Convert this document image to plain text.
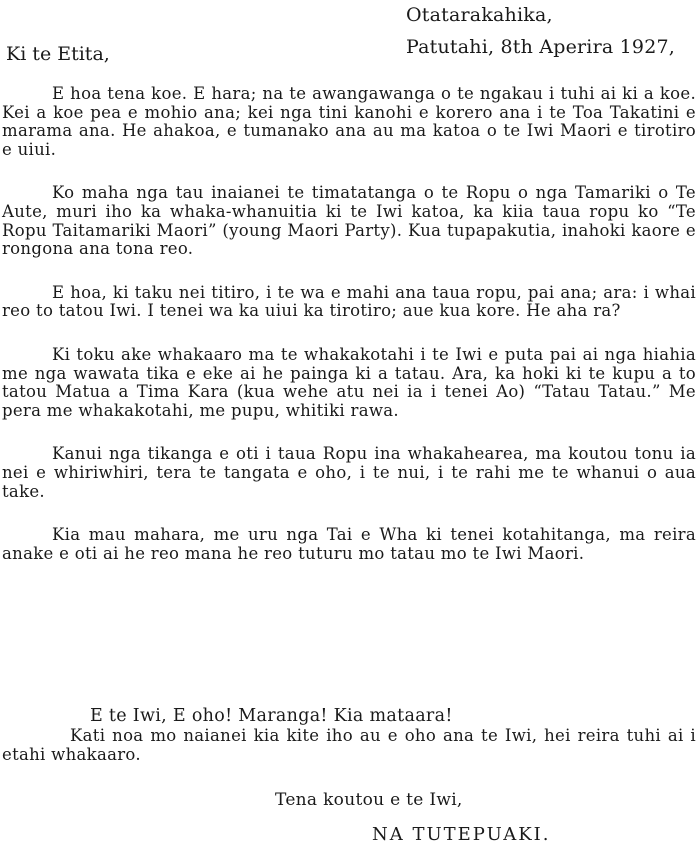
Otatarakahika,
Patutahi, 8th Aperira 1927,
Ki te Etita,

E hoa tena koe. E hara; na te awangawanga o te ngakau i tuhi ai ki a koe. Kei a koe pea e mohio ana; kei nga tini kanohi e korero ana i te Toa Takatini e marama ana. He ahakoa, e tumanako ana au ma katoa o te Iwi Maori e tirotiro e uiui.

Ko maha nga tau inaianei te timatatanga o te Ropu o nga Tamariki o Te Aute, muri iho ka whaka-whanuitia ki te Iwi katoa, ka kiia taua ropu ko “Te Ropu Taitamariki Maori” (young Maori Party). Kua tupapakutia, inahoki kaore e rongona ana tona reo.

E hoa, ki taku nei titiro, i te wa e mahi ana taua ropu, pai ana; ara: i whai reo to tatou Iwi. I tenei wa ka uiui ka tirotiro; aue kua kore. He aha ra?

Ki toku ake whakaaro ma te whakakotahi i te Iwi e puta pai ai nga hiahia me nga wawata tika e eke ai he painga ki a tatau. Ara, ka hoki ki te kupu a to tatou Matua a Tima Kara (kua wehe atu nei ia i tenei Ao) “Tatau Tatau.” Me pera me whakakotahi, me pupu, whitiki rawa.

Kanui nga tikanga e oti i taua Ropu ina whakahearea, ma koutou tonu ia nei e whiriwhiri, tera te tangata e oho, i te nui, i te rahi me te whanui o aua take.

Kia mau mahara, me uru nga Tai e Wha ki tenei kotahitanga, ma reira anake e oti ai he reo mana he reo tuturu mo tatau mo te Iwi Maori.

E te Iwi, E oho! Maranga! Kia mataara!
Kati noa mo naianei kia kite iho au e oho ana te Iwi, hei reira tuhi ai i etahi whakaaro.
Tena koutou e te Iwi,
NA TUTEPUAKI.
